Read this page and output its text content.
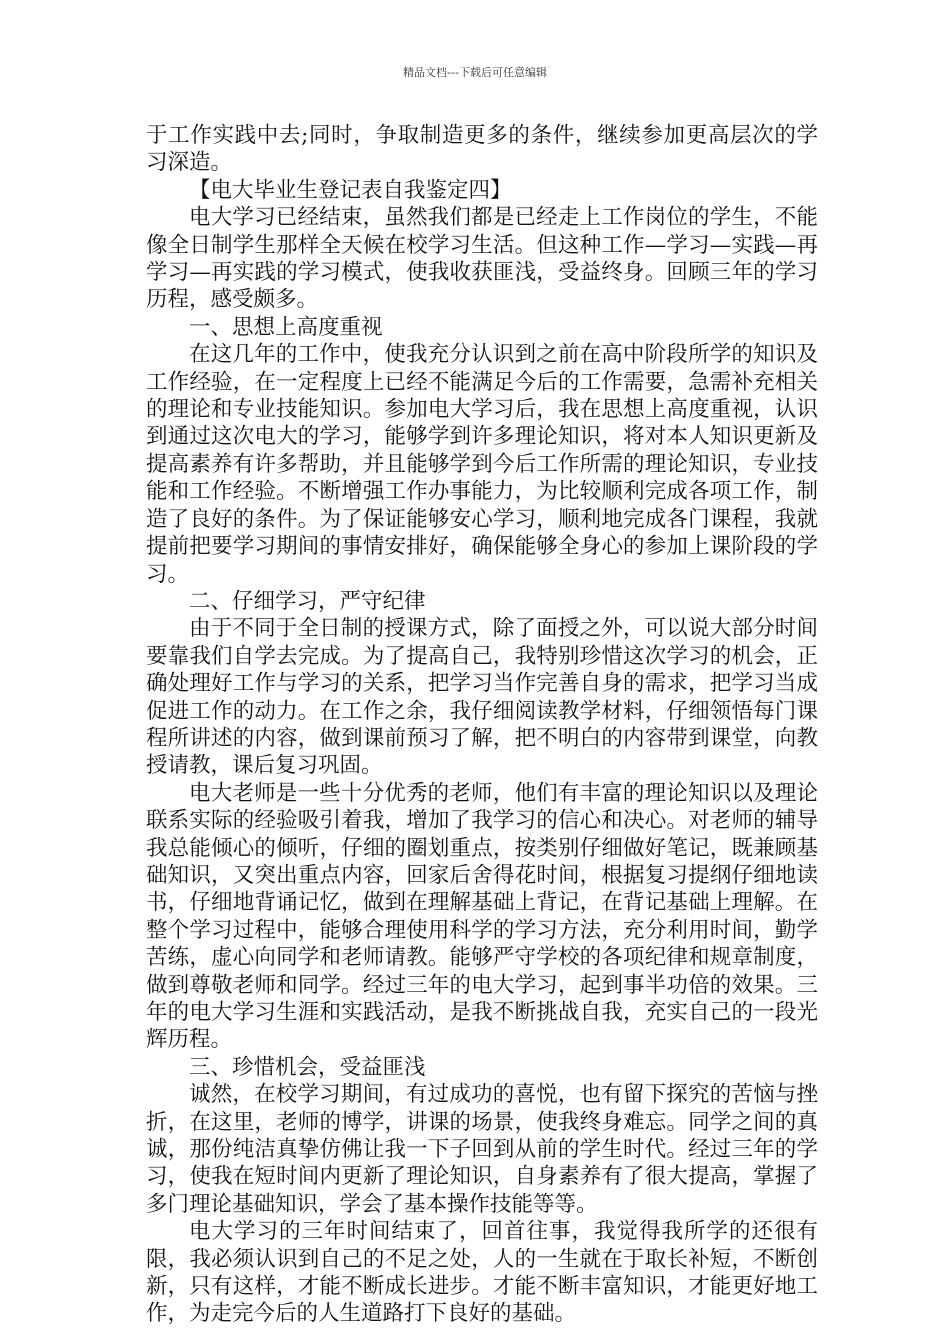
精品文档---下载后可任意编辑

于工作实践中去;同时，争取制造更多的条件，继续参加更高层次的学习深造。

【电大毕业生登记表自我鉴定四】

电大学习已经结束，虽然我们都是已经走上工作岗位的学生，不能像全日制学生那样全天候在校学习生活。但这种工作—学习—实践—再学习—再实践的学习模式，使我收获匪浅，受益终身。回顾三年的学习历程，感受颇多。

一、思想上高度重视

在这几年的工作中，使我充分认识到之前在高中阶段所学的知识及工作经验，在一定程度上已经不能满足今后的工作需要，急需补充相关的理论和专业技能知识。参加电大学习后，我在思想上高度重视，认识到通过这次电大的学习，能够学到许多理论知识，将对本人知识更新及提高素养有许多帮助，并且能够学到今后工作所需的理论知识，专业技能和工作经验。不断增强工作办事能力，为比较顺利完成各项工作，制造了良好的条件。为了保证能够安心学习，顺利地完成各门课程，我就提前把要学习期间的事情安排好，确保能够全身心的参加上课阶段的学习。

二、仔细学习，严守纪律

由于不同于全日制的授课方式，除了面授之外，可以说大部分时间要靠我们自学去完成。为了提高自己，我特别珍惜这次学习的机会，正确处理好工作与学习的关系，把学习当作完善自身的需求，把学习当成促进工作的动力。在工作之余，我仔细阅读教学材料，仔细领悟每门课程所讲述的内容，做到课前预习了解，把不明白的内容带到课堂，向教授请教，课后复习巩固。

电大老师是一些十分优秀的老师，他们有丰富的理论知识以及理论联系实际的经验吸引着我，增加了我学习的信心和决心。对老师的辅导我总能倾心的倾听，仔细的圈划重点，按类别仔细做好笔记，既兼顾基础知识，又突出重点内容，回家后舍得花时间，根据复习提纲仔细地读书，仔细地背诵记忆，做到在理解基础上背记，在背记基础上理解。在整个学习过程中，能够合理使用科学的学习方法，充分利用时间，勤学苦练，虚心向同学和老师请教。能够严守学校的各项纪律和规章制度，做到尊敬老师和同学。经过三年的电大学习，起到事半功倍的效果。三年的电大学习生涯和实践活动，是我不断挑战自我，充实自己的一段光辉历程。

三、珍惜机会，受益匪浅

诚然，在校学习期间，有过成功的喜悦，也有留下探究的苦恼与挫折，在这里，老师的博学，讲课的场景，使我终身难忘。同学之间的真诚，那份纯洁真挚仿佛让我一下子回到从前的学生时代。经过三年的学习，使我在短时间内更新了理论知识，自身素养有了很大提高，掌握了多门理论基础知识，学会了基本操作技能等等。

电大学习的三年时间结束了，回首往事，我觉得我所学的还很有限，我必须认识到自己的不足之处，人的一生就在于取长补短，不断创新，只有这样，才能不断成长进步。才能不断丰富知识，才能更好地工作，为走完今后的人生道路打下良好的基础。
